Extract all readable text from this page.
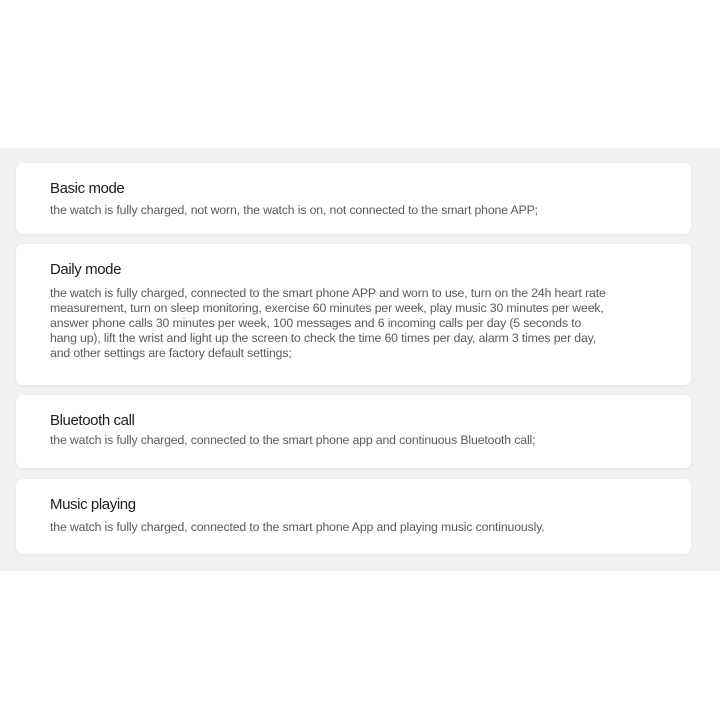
Basic mode

the watch is fully charged, not worn, the watch is on, not connected to the smart phone APP;

Daily mode

the watch is fully charged, connected to the smart phone APP and worn to use, turn on the 24h heart rate measurement, turn on sleep monitoring, exercise 60 minutes per week, play music 30 minutes per week, answer phone calls 30 minutes per week, 100 messages and 6 incoming calls per day (5 seconds to hang up), lift the wrist and light up the screen to check the time 60 times per day, alarm 3 times per day, and other settings are factory default settings;

Bluetooth call

the watch is fully charged, connected to the smart phone app and continuous Bluetooth call;

Music playing

the watch is fully charged, connected to the smart phone App and playing music continuously.
